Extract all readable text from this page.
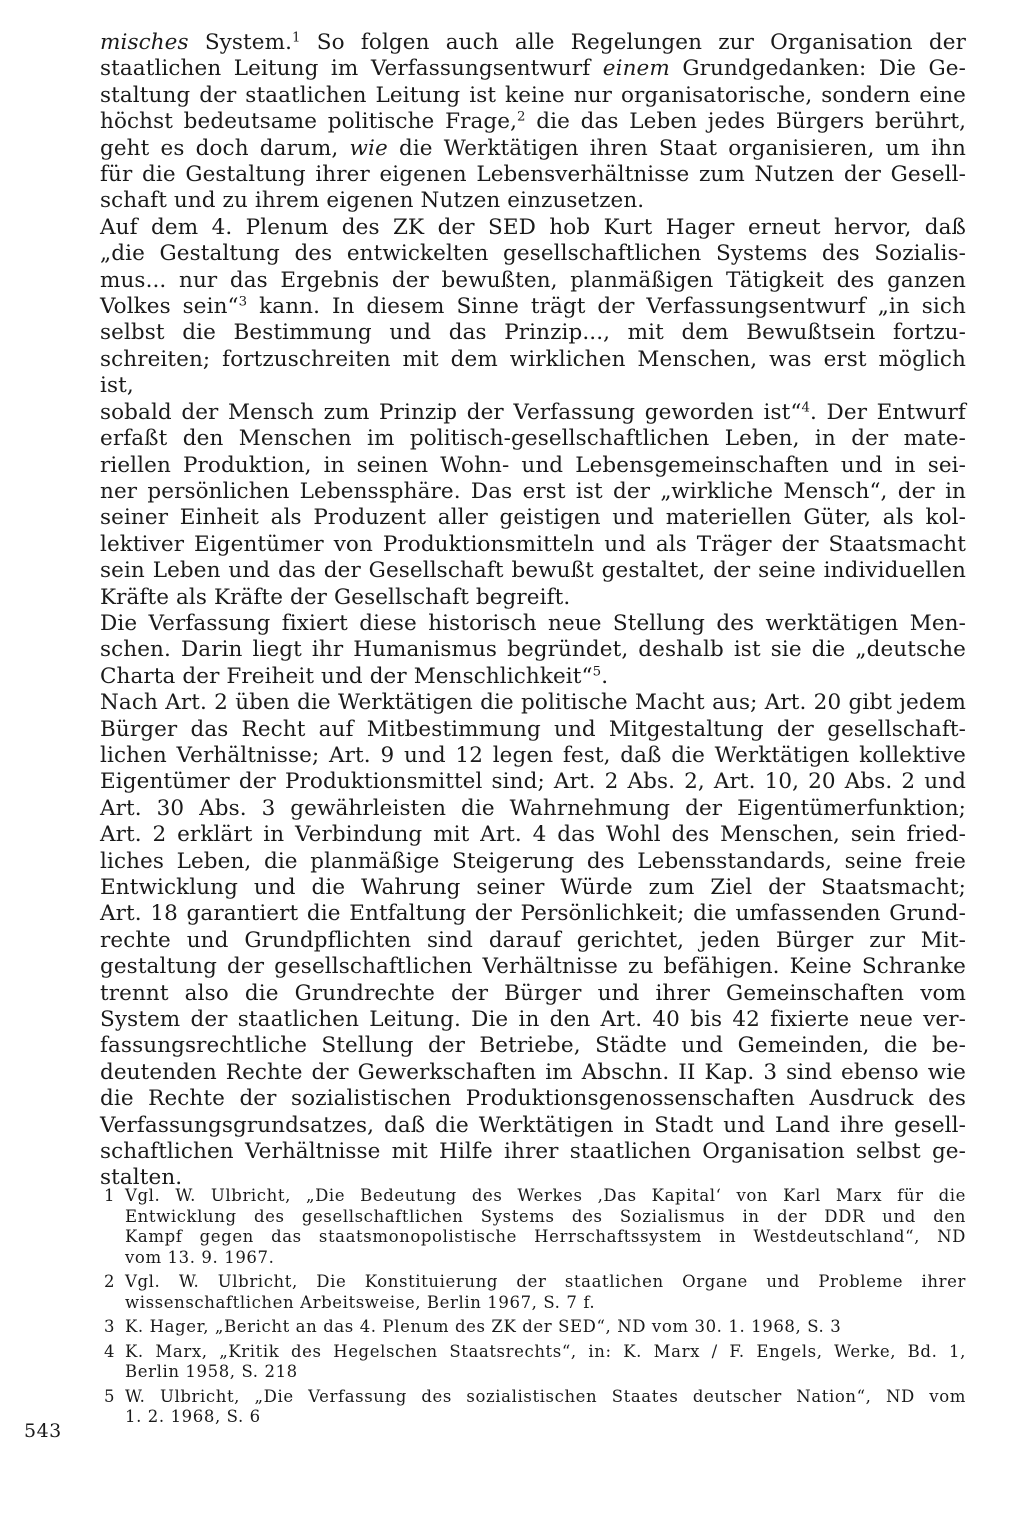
misches System.$^1$ So folgen auch alle Regelungen zur Organisation der
staatlichen Leitung im Verfassungsentwurf einem Grundgedanken: Die Ge-
staltung der staatlichen Leitung ist keine nur organisatorische, sondern eine
höchst bedeutsame politische Frage,$^2$ die das Leben jedes Bürgers berührt,
geht es doch darum, wie die Werktätigen ihren Staat organisieren, um ihn
für die Gestaltung ihrer eigenen Lebensverhältnisse zum Nutzen der Gesell-
schaft und zu ihrem eigenen Nutzen einzusetzen.

Auf dem 4. Plenum des ZK der SED hob Kurt Hager erneut hervor, daß
„die Gestaltung des entwickelten gesellschaftlichen Systems des Sozialis-
mus... nur das Ergebnis der bewußten, planmäßigen Tätigkeit des ganzen
Volkes sein“$^3$ kann. In diesem Sinne trägt der Verfassungsentwurf „in sich
selbst die Bestimmung und das Prinzip..., mit dem Bewußtsein fortzu-
schreiten; fortzuschreiten mit dem wirklichen Menschen, was erst möglich ist,
sobald der Mensch zum Prinzip der Verfassung geworden ist“$^4$. Der Entwurf
erfaßt den Menschen im politisch-gesellschaftlichen Leben, in der mate-
riellen Produktion, in seinen Wohn- und Lebensgemeinschaften und in sei-
ner persönlichen Lebenssphäre. Das erst ist der „wirkliche Mensch“, der in
seiner Einheit als Produzent aller geistigen und materiellen Güter, als kol-
lektiver Eigentümer von Produktionsmitteln und als Träger der Staatsmacht
sein Leben und das der Gesellschaft bewußt gestaltet, der seine individuellen
Kräfte als Kräfte der Gesellschaft begreift.

Die Verfassung fixiert diese historisch neue Stellung des werktätigen Men-
schen. Darin liegt ihr Humanismus begründet, deshalb ist sie die „deutsche
Charta der Freiheit und der Menschlichkeit“$^5$.

Nach Art. 2 üben die Werktätigen die politische Macht aus; Art. 20 gibt jedem
Bürger das Recht auf Mitbestimmung und Mitgestaltung der gesellschaft-
lichen Verhältnisse; Art. 9 und 12 legen fest, daß die Werktätigen kollektive
Eigentümer der Produktionsmittel sind; Art. 2 Abs. 2, Art. 10, 20 Abs. 2 und
Art. 30 Abs. 3 gewährleisten die Wahrnehmung der Eigentümerfunktion;
Art. 2 erklärt in Verbindung mit Art. 4 das Wohl des Menschen, sein fried-
liches Leben, die planmäßige Steigerung des Lebensstandards, seine freie
Entwicklung und die Wahrung seiner Würde zum Ziel der Staatsmacht;
Art. 18 garantiert die Entfaltung der Persönlichkeit; die umfassenden Grund-
rechte und Grundpflichten sind darauf gerichtet, jeden Bürger zur Mit-
gestaltung der gesellschaftlichen Verhältnisse zu befähigen. Keine Schranke
trennt also die Grundrechte der Bürger und ihrer Gemeinschaften vom
System der staatlichen Leitung. Die in den Art. 40 bis 42 fixierte neue ver-
fassungsrechtliche Stellung der Betriebe, Städte und Gemeinden, die be-
deutenden Rechte der Gewerkschaften im Abschn. II Kap. 3 sind ebenso wie
die Rechte der sozialistischen Produktionsgenossenschaften Ausdruck des
Verfassungsgrundsatzes, daß die Werktätigen in Stadt und Land ihre gesell-
schaftlichen Verhältnisse mit Hilfe ihrer staatlichen Organisation selbst ge-
stalten.

1 Vgl. W. Ulbricht, „Die Bedeutung des Werkes ‚Das Kapital‘ von Karl Marx für die
Entwicklung des gesellschaftlichen Systems des Sozialismus in der DDR und den
Kampf gegen das staatsmonopolistische Herrschaftssystem in Westdeutschland“, ND
vom 13. 9. 1967.
2 Vgl. W. Ulbricht, Die Konstituierung der staatlichen Organe und Probleme ihrer
wissenschaftlichen Arbeitsweise, Berlin 1967, S. 7 f.
3 K. Hager, „Bericht an das 4. Plenum des ZK der SED“, ND vom 30. 1. 1968, S. 3
4 K. Marx, „Kritik des Hegelschen Staatsrechts“, in: K. Marx / F. Engels, Werke, Bd. 1,
Berlin 1958, S. 218
5 W. Ulbricht, „Die Verfassung des sozialistischen Staates deutscher Nation“, ND vom
1. 2. 1968, S. 6
543
